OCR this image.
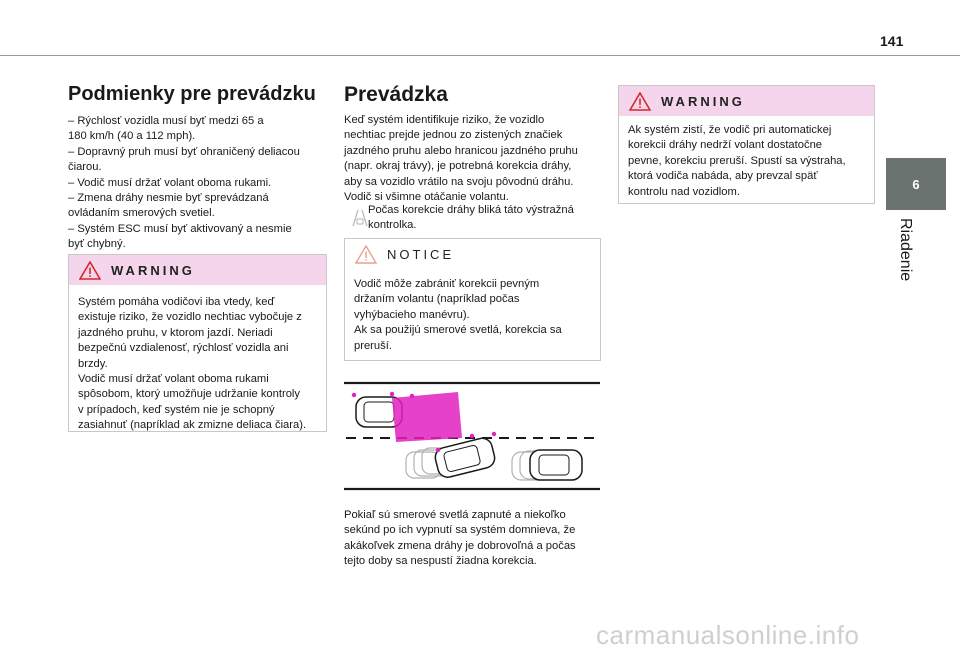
141
Podmienky pre prevádzku
– Rýchlosť vozidla musí byť medzi 65 a
180 km/h (40 a 112 mph).
– Dopravný pruh musí byť ohraničený deliacou
čiarou.
– Vodič musí držať volant oboma rukami.
– Zmena dráhy nesmie byť sprevádzaná
ovládaním smerových svetiel.
– Systém ESC musí byť aktivovaný a nesmie
byť chybný.
WARNING
Systém pomáha vodičovi iba vtedy, keď
existuje riziko, že vozidlo nechtiac vybočuje z
jazdného pruhu, v ktorom jazdí. Neriadi
bezpečnú vzdialenosť, rýchlosť vozidla ani
brzdy.
Vodič musí držať volant oboma rukami
spôsobom, ktorý umožňuje udržanie kontroly
v prípadoch, keď systém nie je schopný
zasiahnuť (napríklad ak zmizne deliaca čiara).
Prevádzka
Keď systém identifikuje riziko, že vozidlo
nechtiac prejde jednou zo zistených značiek
jazdného pruhu alebo hranicou jazdného pruhu
(napr. okraj trávy), je potrebná korekcia dráhy,
aby sa vozidlo vrátilo na svoju pôvodnú dráhu.
Vodič si všimne otáčanie volantu.
Počas korekcie dráhy bliká táto výstražná
kontrolka.
NOTICE
Vodič môže zabrániť korekcii pevným
držaním volantu (napríklad počas
vyhýbacieho manévru).
Ak sa použijú smerové svetlá, korekcia sa
preruší.
Pokiaľ sú smerové svetlá zapnuté a niekoľko
sekúnd po ich vypnutí sa systém domnieva, že
akákoľvek zmena dráhy je dobrovoľná a počas
tejto doby sa nespustí žiadna korekcia.
WARNING
Ak systém zistí, že vodič pri automatickej
korekcii dráhy nedrží volant dostatočne
pevne, korekciu preruší. Spustí sa výstraha,
ktorá vodiča nabáda, aby prevzal späť
kontrolu nad vozidlom.
6
Riadenie
carmanualsonline.info
